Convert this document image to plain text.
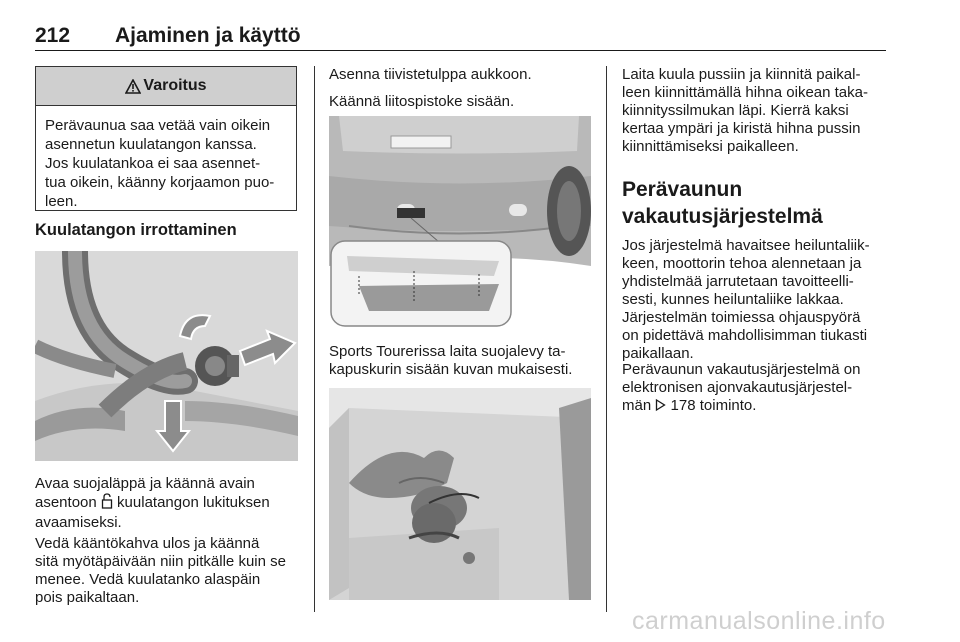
212 Ajaminen ja käyttö
Varoitus
Perävaunua saa vetää vain oikein
asennetun kuulatangon kanssa.
Jos kuulatankoa ei saa asennet-
tua oikein, käänny korjaamon puo-
leen.
Kuulatangon irrottaminen
Avaa suojaläppä ja käännä avain
asentoon  kuulatangon lukituksen
avaamiseksi.
Vedä kääntökahva ulos ja käännä
sitä myötäpäivään niin pitkälle kuin se
menee. Vedä kuulatanko alaspäin
pois paikaltaan.
Asenna tiivistetulppa aukkoon.
Käännä liitospistoke sisään.
Sports Tourerissa laita suojalevy ta-
kapuskurin sisään kuvan mukaisesti.
Laita kuula pussiin ja kiinnitä paikal-
leen kiinnittämällä hihna oikean taka-
kiinnityssilmukan läpi. Kierrä kaksi
kertaa ympäri ja kiristä hihna pussin
kiinnittämiseksi paikalleen.
Perävaunun
vakautusjärjestelmä
Jos järjestelmä havaitsee heiluntaliik-
keen, moottorin tehoa alennetaan ja
yhdistelmää jarrutetaan tavoitteelli-
sesti, kunnes heiluntaliike lakkaa.
Järjestelmän toimiessa ohjauspyörä
on pidettävä mahdollisimman tiukasti
paikallaan.
Perävaunun vakautusjärjestelmä on
elektronisen ajonvakautusjärjestel-
män  178 toiminto.
carmanualsonline.info
